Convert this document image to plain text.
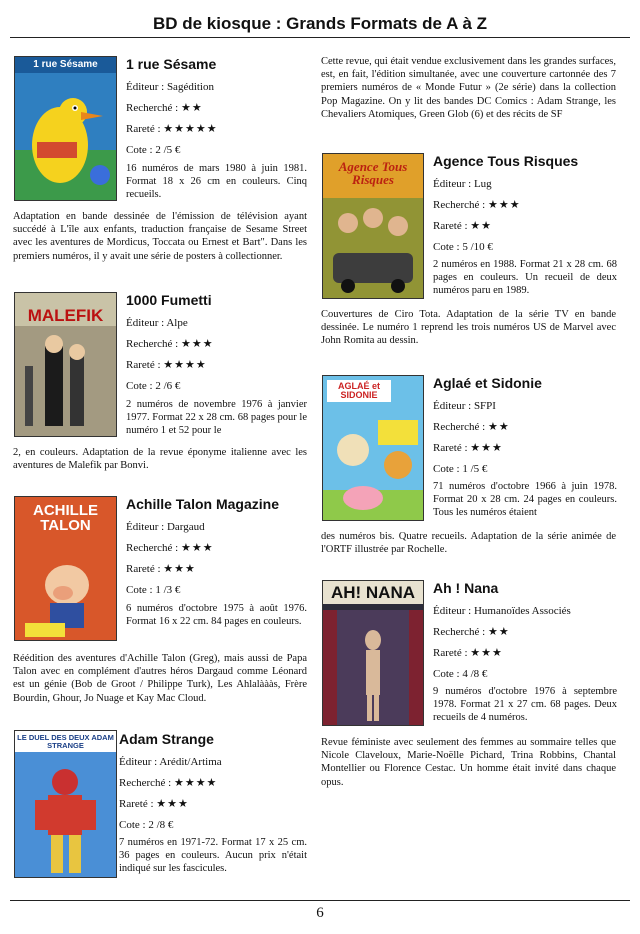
BD de kiosque : Grands Formats de A à Z
1 rue Sésame	1 rue Sésame
Éditeur : Sagédition
Recherché : ★★
Rareté : ★★★★★
Cote : 2 /5 €

16 numéros de mars 1980 à juin 1981. Format 18 x 26 cm en couleurs. Cinq recueils.

Adaptation en bande dessinée de l'émission de télévision ayant succédé à L'île aux enfants, traduction française de Sesame Street avec les aventures de Mordicus, Toccata ou Ernest et Bart". Dans les premiers numéros, il y avait une série de posters à collectionner.

MALEFIK
1000 Fumetti
Éditeur : Alpe
Recherché : ★★★
Rareté : ★★★★
Cote : 2 /6 €

2 numéros de novembre 1976 à janvier 1977. Format 22 x 28 cm. 68 pages pour le numéro 1 et 52 pour le

2, en couleurs. Adaptation de la revue éponyme italienne avec les aventures de Malefik par Bonvi.

ACHILLE TALON
Achille Talon Magazine
Éditeur : Dargaud
Recherché : ★★★
Rareté : ★★★
Cote : 1 /3 €

6 numéros d'octobre 1975 à août 1976. Format 16 x 22 cm. 84 pages en couleurs.

Réédition des aventures d'Achille Talon (Greg), mais aussi de Papa Talon avec en complément d'autres héros Dargaud comme Léonard est un génie (Bob de Groot / Philippe Turk), Les Ahlalàààs, Frère Bourdin, Ghour, Jo Nuage et Kay Mac Cloud.

LE DUEL DES DEUX ADAM STRANGE	Adam Strange
Éditeur : Arédit/Artima
Recherché : ★★★★
Rareté : ★★★
Cote : 2 /8 €

7 numéros en 1971-72. Format 17 x 25 cm. 36 pages en couleurs. Aucun prix n'était indiqué sur les fascicules.

Cette revue, qui était vendue exclusivement dans les grandes surfaces, est, en fait, l'édition simultanée, avec une couverture cartonnée des 7 premiers numéros de « Monde Futur » (2e série) dans la collection Pop Magazine. On y lit des bandes DC Comics : Adam Strange, les Chevaliers Atomiques, Green Glob (6) et des récits de SF

Agence Tous Risques
Agence Tous Risques
Éditeur : Lug
Recherché : ★★★
Rareté : ★★
Cote : 5 /10 €

2 numéros en 1988. Format 21 x 28 cm. 68 pages en couleurs. Un recueil de deux numéros paru en 1989.

Couvertures de Ciro Tota. Adaptation de la série TV en bande dessinée. Le numéro 1 reprend les trois numéros US de Marvel avec John Romita au dessin.

AGLAÉ et SIDONIE
Aglaé et Sidonie
Éditeur : SFPI
Recherché : ★★
Rareté : ★★★
Cote : 1 /5 €

71 numéros d'octobre 1966 à juin 1978. Format 20 x 28 cm. 24 pages en couleurs. Tous les numéros étaient

des numéros bis. Quatre recueils. Adaptation de la série animée de l'ORTF illustrée par Rochelle.

AH! NANA	Ah ! Nana
Éditeur : Humanoïdes Associés
Recherché : ★★
Rareté : ★★★
Cote : 4 /8 €

9 numéros d'octobre 1976 à septembre 1978. Format 21 x 27 cm. 68 pages. Deux recueils de 4 numéros.

Revue féministe avec seulement des femmes au sommaire telles que Nicole Claveloux, Marie-Noëlle Pichard, Trina Robbins, Chantal Montellier ou Florence Cestac. Un homme était invité dans chaque opus.

6
